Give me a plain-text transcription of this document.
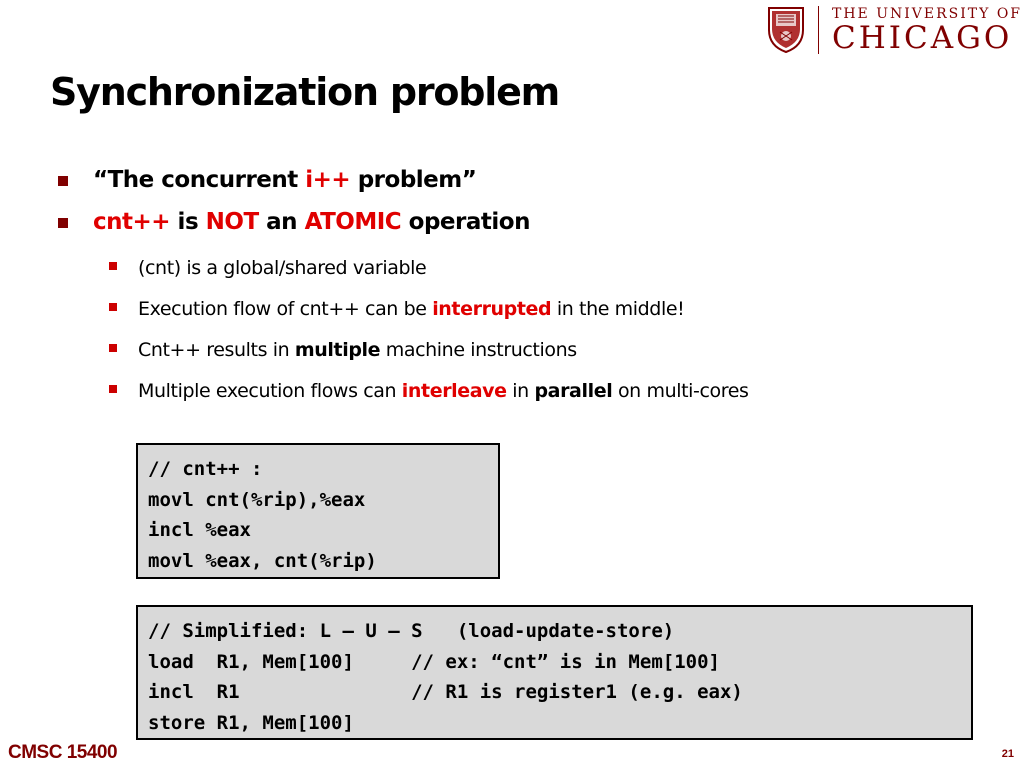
THE UNIVERSITY OF
CHICAGO
Synchronization problem
“The concurrent i++ problem”
cnt++ is NOT an ATOMIC operation
(cnt) is a global/shared variable
Execution flow of cnt++ can be interrupted in the middle!
Cnt++ results in multiple machine instructions
Multiple execution flows can interleave in parallel on multi-cores
// cnt++ :
movl cnt(%rip),%eax
incl %eax
movl %eax, cnt(%rip)
// Simplified: L – U – S   (load-update-store)
load  R1, Mem[100]     // ex: “cnt” is in Mem[100]
incl  R1               // R1 is register1 (e.g. eax)
store R1, Mem[100]
CMSC 15400	21
